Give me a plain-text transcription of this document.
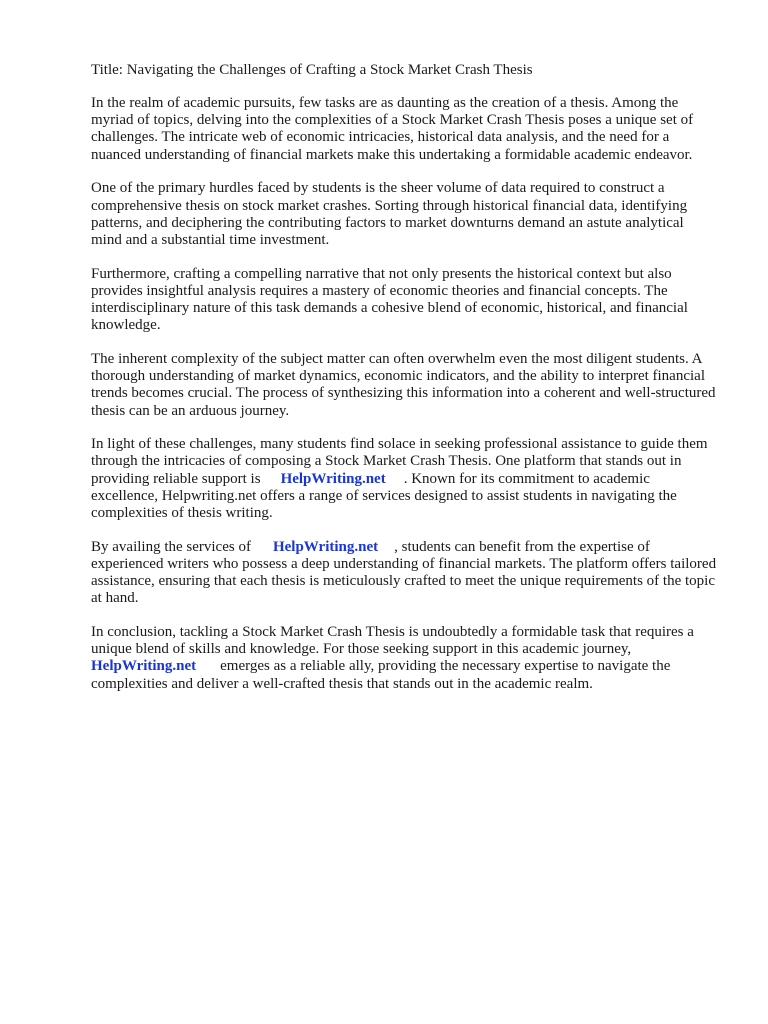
Title: Navigating the Challenges of Crafting a Stock Market Crash Thesis

In the realm of academic pursuits, few tasks are as daunting as the creation of a thesis. Among the myriad of topics, delving into the complexities of a Stock Market Crash Thesis poses a unique set of challenges. The intricate web of economic intricacies, historical data analysis, and the need for a nuanced understanding of financial markets make this undertaking a formidable academic endeavor.

One of the primary hurdles faced by students is the sheer volume of data required to construct a comprehensive thesis on stock market crashes. Sorting through historical financial data, identifying patterns, and deciphering the contributing factors to market downturns demand an astute analytical mind and a substantial time investment.

Furthermore, crafting a compelling narrative that not only presents the historical context but also provides insightful analysis requires a mastery of economic theories and financial concepts. The interdisciplinary nature of this task demands a cohesive blend of economic, historical, and financial knowledge.

The inherent complexity of the subject matter can often overwhelm even the most diligent students. A thorough understanding of market dynamics, economic indicators, and the ability to interpret financial trends becomes crucial. The process of synthesizing this information into a coherent and well-structured thesis can be an arduous journey.

In light of these challenges, many students find solace in seeking professional assistance to guide them through the intricacies of composing a Stock Market Crash Thesis. One platform that stands out in providing reliable support is HelpWriting.net . Known for its commitment to academic excellence, Helpwriting.net offers a range of services designed to assist students in navigating the complexities of thesis writing.

By availing the services of HelpWriting.net , students can benefit from the expertise of experienced writers who possess a deep understanding of financial markets. The platform offers tailored assistance, ensuring that each thesis is meticulously crafted to meet the unique requirements of the topic at hand.

In conclusion, tackling a Stock Market Crash Thesis is undoubtedly a formidable task that requires a unique blend of skills and knowledge. For those seeking support in this academic journey, HelpWriting.net emerges as a reliable ally, providing the necessary expertise to navigate the complexities and deliver a well-crafted thesis that stands out in the academic realm.
